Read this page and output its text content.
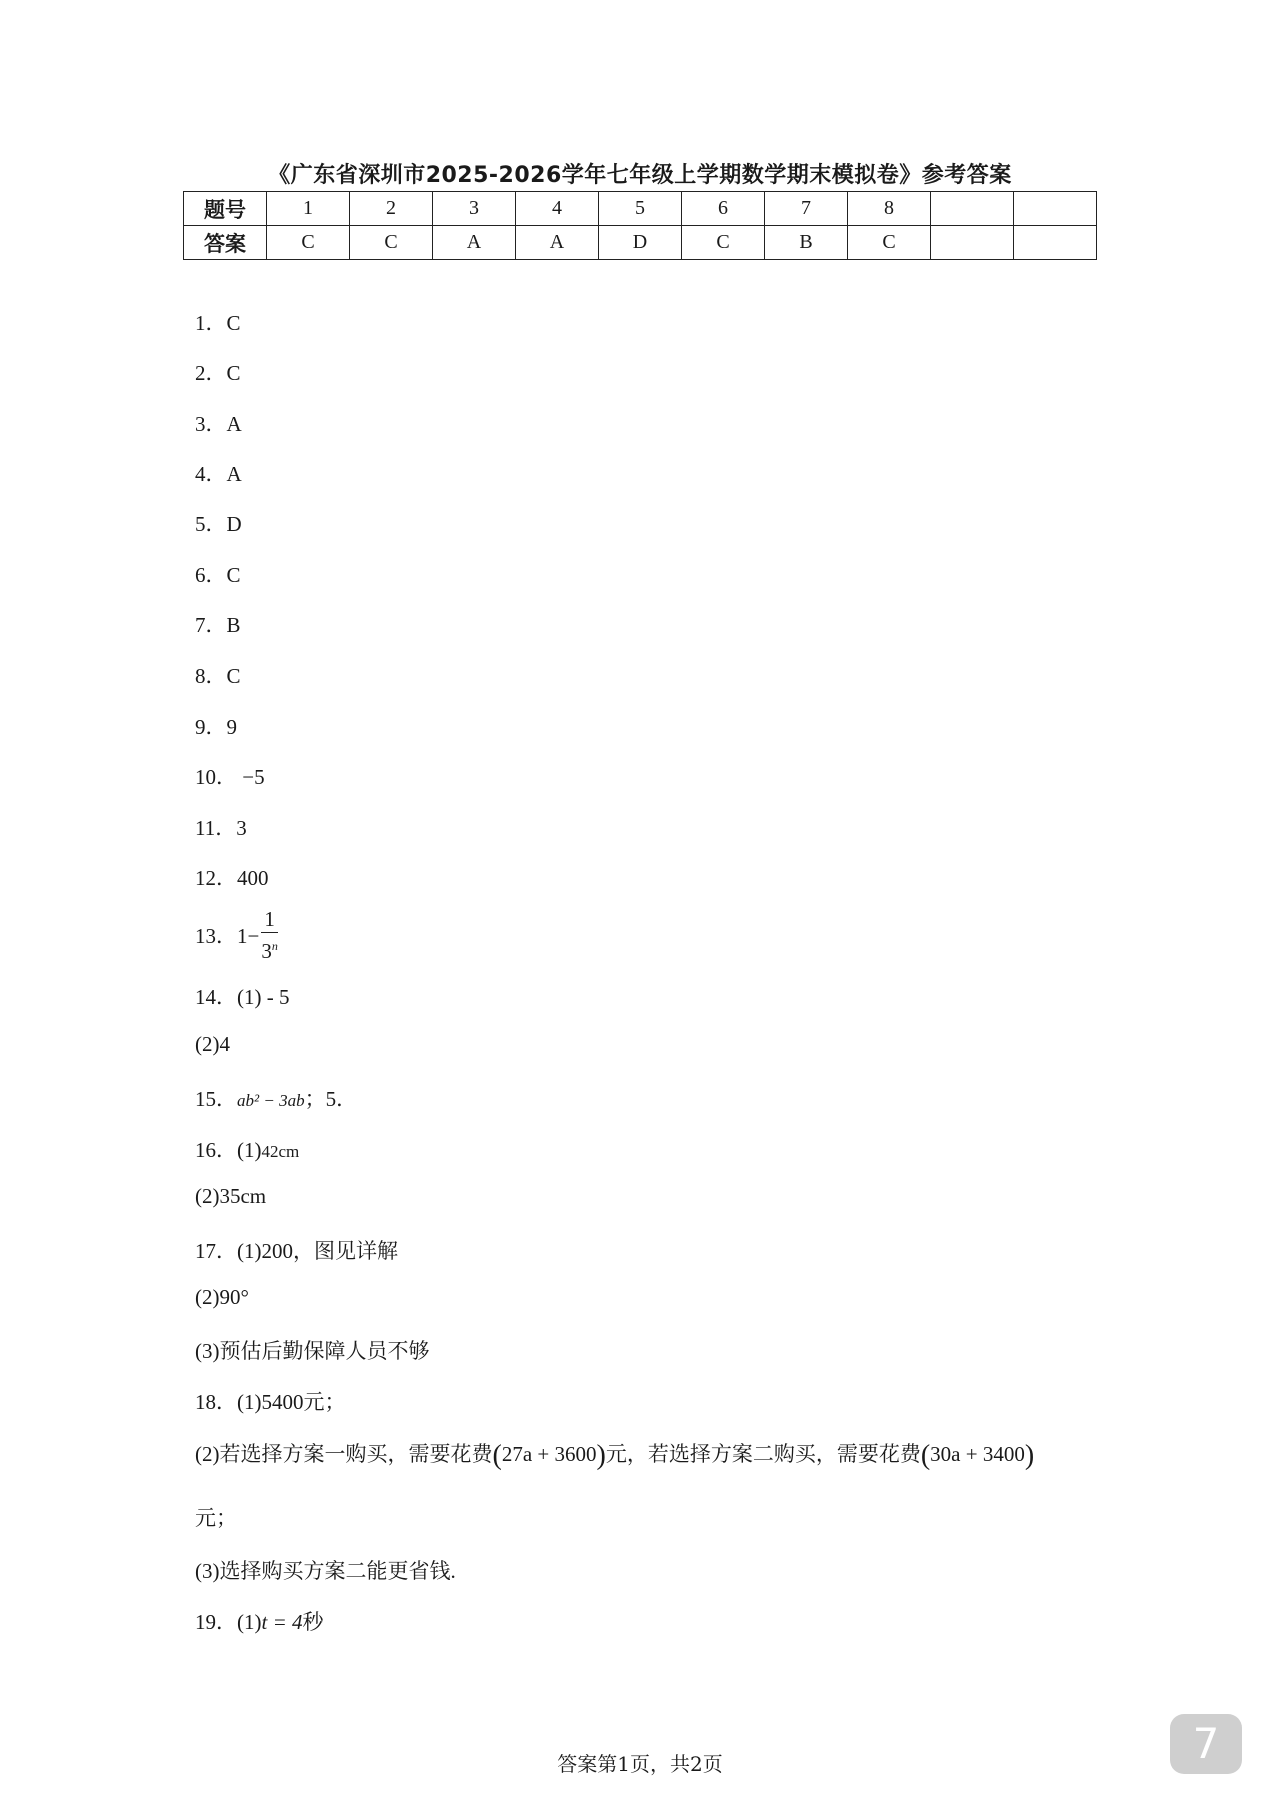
《广东省深圳市2025-2026学年七年级上学期数学期末模拟卷》参考答案
题号	1	2	3	4	5	6	7	8		
答案	C	C	A	A	D	C	B	C		
1．C
2．C
3．A
4．A
5．D
6．C
7．B
8．C
9．9
10． −5
11．3
12．400
13．$1- \frac{1}{3^n}$
14．(1) - 5
(2)4
15．ab² − 3ab；5．
16．(1)42cm
(2)35cm
17．(1)200，图见详解
(2)90°
(3)预估后勤保障人员不够
18．(1)5400元；
(2)若选择方案一购买，需要花费(27a + 3600)元，若选择方案二购买，需要花费(30a + 3400)
元；
(3)选择购买方案二能更省钱.
19．(1)t = 4秒
答案第1页，共2页	7
